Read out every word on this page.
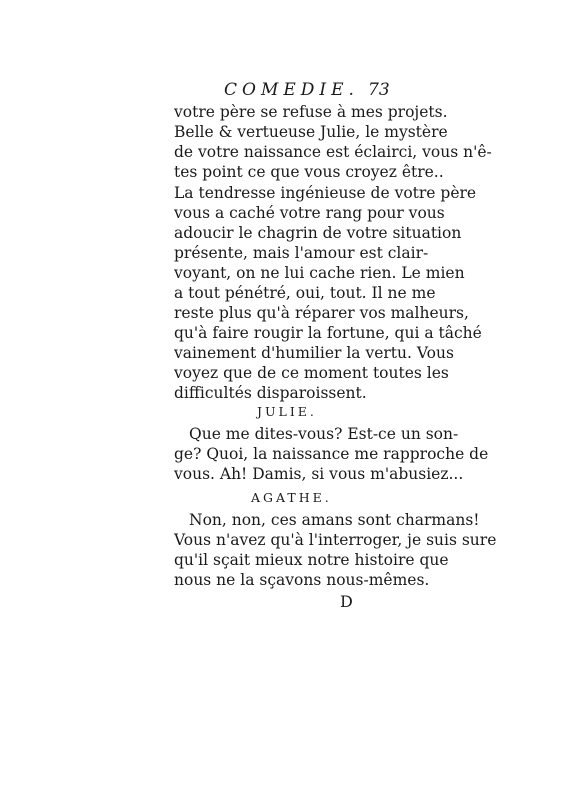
COMEDIE. 73
votre père se refuse à mes projets.
Belle & vertueuse Julie, le mystère
de votre naissance est éclairci, vous n'ê-
tes point ce que vous croyez être..
La tendresse ingénieuse de votre père
vous a caché votre rang pour vous
adoucir le chagrin de votre situation
présente, mais l'amour est clair-
voyant, on ne lui cache rien. Le mien
a tout pénétré, oui, tout. Il ne me
reste plus qu'à réparer vos malheurs,
qu'à faire rougir la fortune, qui a tâché
vainement d'humilier la vertu. Vous
voyez que de ce moment toutes les
difficultés disparoissent.
JULIE.
Que me dites-vous? Est-ce un son-
ge? Quoi, la naissance me rapproche de
vous. Ah! Damis, si vous m'abusiez...
AGATHE.
Non, non, ces amans sont charmans!
Vous n'avez qu'à l'interroger, je suis sure
qu'il sçait mieux notre histoire que
nous ne la sçavons nous-mêmes.
D
